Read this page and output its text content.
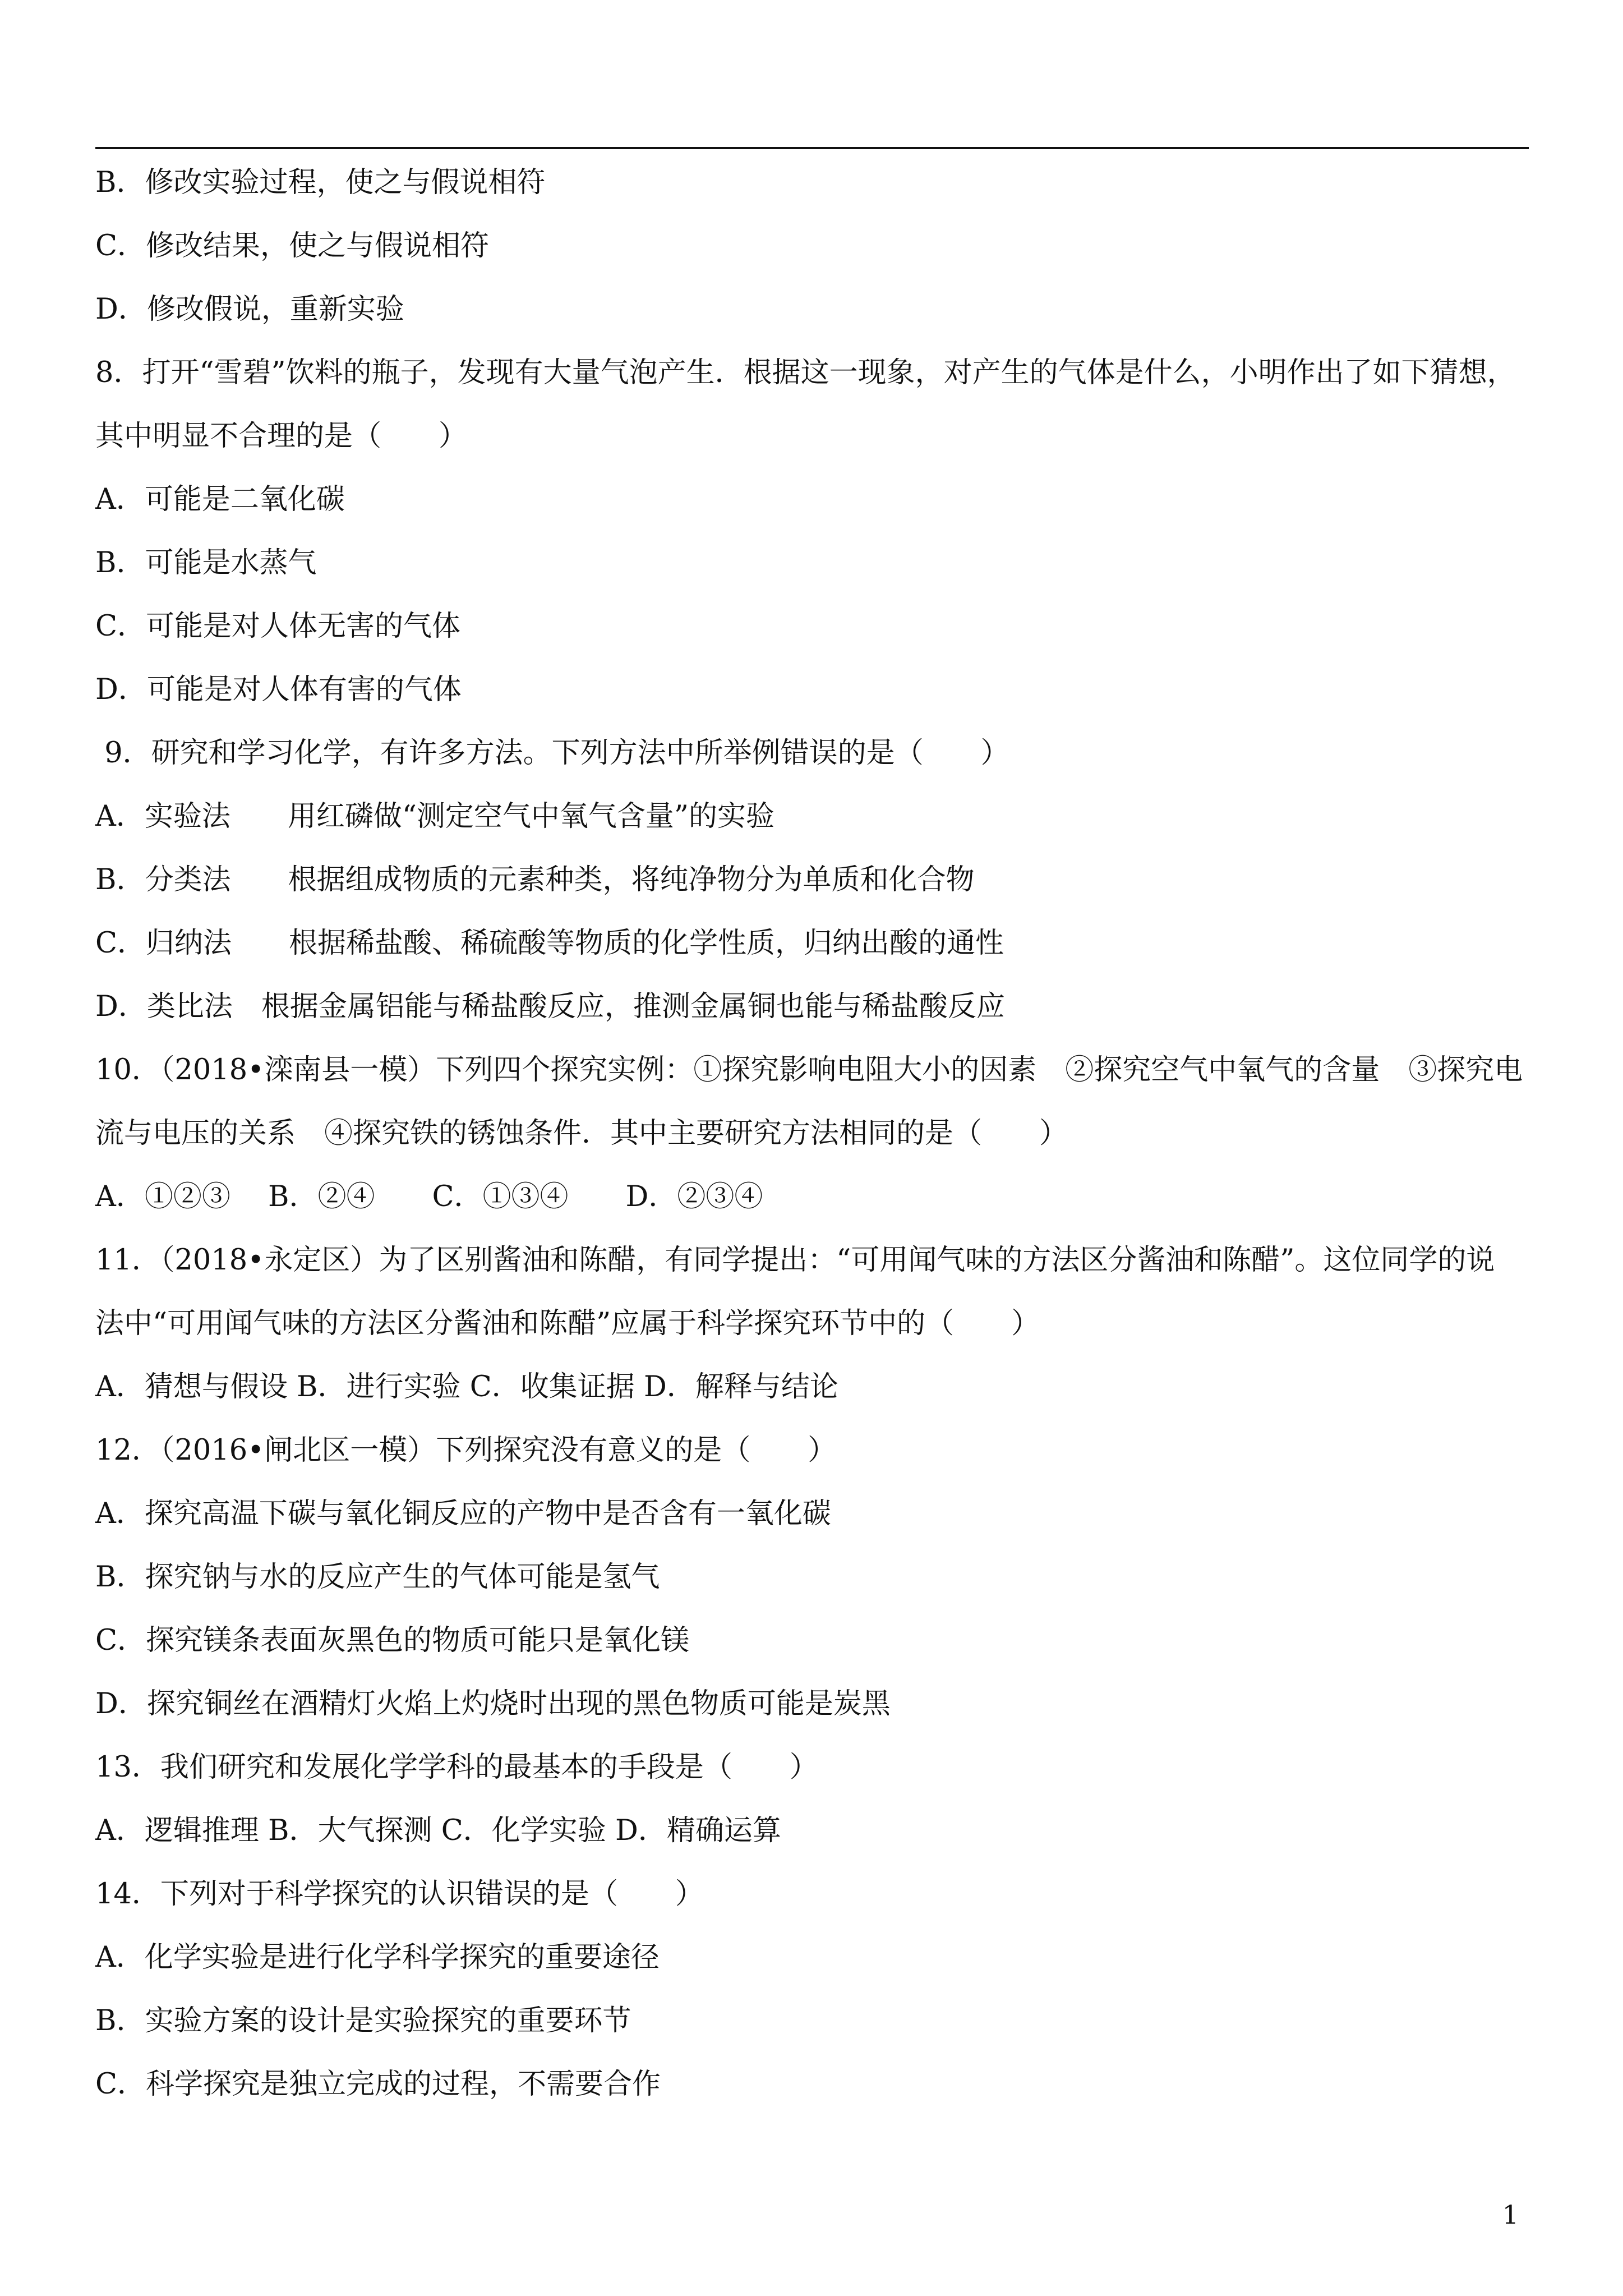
B．修改实验过程，使之与假说相符
C．修改结果，使之与假说相符
D．修改假说，重新实验
8．打开“雪碧”饮料的瓶子，发现有大量气泡产生．根据这一现象，对产生的气体是什么，小明作出了如下猜想，
其中明显不合理的是（　　）
A．可能是二氧化碳
B．可能是水蒸气
C．可能是对人体无害的气体
D．可能是对人体有害的气体
9．研究和学习化学，有许多方法。下列方法中所举例错误的是（　　）
A．实验法　　用红磷做“测定空气中氧气含量”的实验
B．分类法　　根据组成物质的元素种类，将纯净物分为单质和化合物
C．归纳法　　根据稀盐酸、稀硫酸等物质的化学性质，归纳出酸的通性
D．类比法　根据金属铝能与稀盐酸反应，推测金属铜也能与稀盐酸反应
10．（2018•滦南县一模）下列四个探究实例：①探究影响电阻大小的因素　②探究空气中氧气的含量　③探究电
流与电压的关系　④探究铁的锈蚀条件．其中主要研究方法相同的是（　　）
A．①②③　 B．②④　　C．①③④　　D．②③④
11．（2018•永定区）为了区别酱油和陈醋，有同学提出：“可用闻气味的方法区分酱油和陈醋”。这位同学的说
法中“可用闻气味的方法区分酱油和陈醋”应属于科学探究环节中的（　　）
A．猜想与假设 B．进行实验 C．收集证据 D．解释与结论
12．（2016•闸北区一模）下列探究没有意义的是（　　）
A．探究高温下碳与氧化铜反应的产物中是否含有一氧化碳
B．探究钠与水的反应产生的气体可能是氢气
C．探究镁条表面灰黑色的物质可能只是氧化镁
D．探究铜丝在酒精灯火焰上灼烧时出现的黑色物质可能是炭黑
13．我们研究和发展化学学科的最基本的手段是（　　）
A．逻辑推理 B．大气探测 C．化学实验 D．精确运算
14．下列对于科学探究的认识错误的是（　　）
A．化学实验是进行化学科学探究的重要途径
B．实验方案的设计是实验探究的重要环节
C．科学探究是独立完成的过程，不需要合作
1
